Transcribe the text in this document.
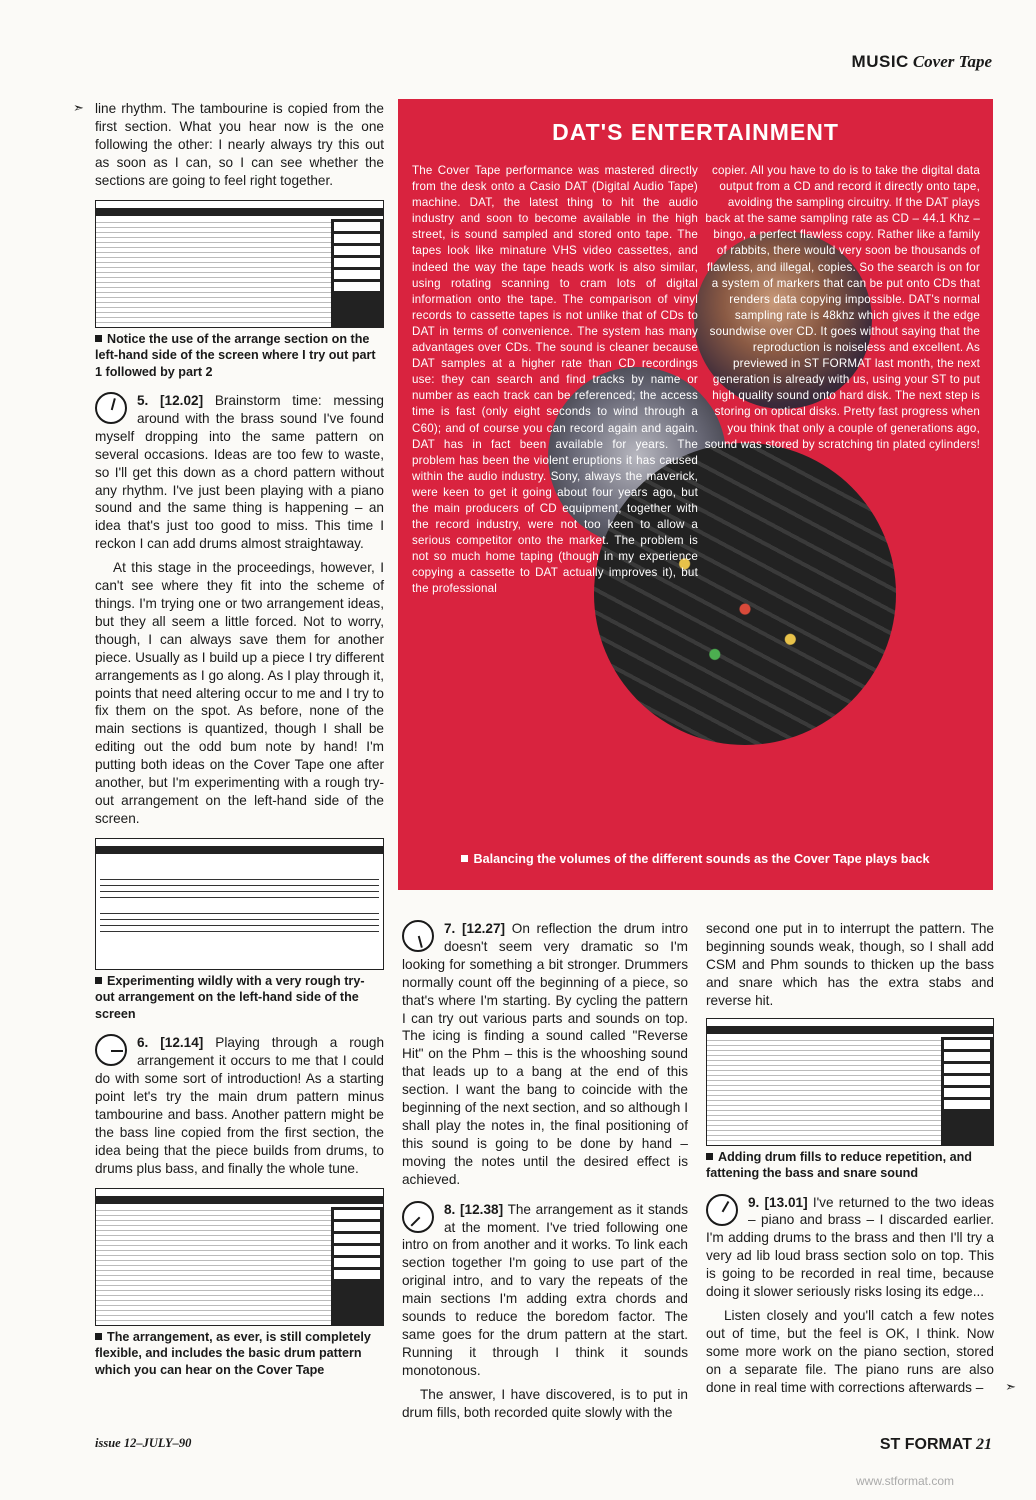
MUSIC Cover Tape

➣ line rhythm. The tambourine is copied from the first section. What you hear now is the one following the other: I nearly always try this out as soon as I can, so I can see whether the sections are going to feel right together.

Notice the use of the arrange section on the left-hand side of the screen where I try out part 1 followed by part 2

5. [12.02] Brainstorm time: messing around with the brass sound I've found myself dropping into the same pattern on several occasions. Ideas are too few to waste, so I'll get this down as a chord pattern without any rhythm. I've just been playing with a piano sound and the same thing is happening – an idea that's just too good to miss. This time I reckon I can add drums almost straightaway.

At this stage in the proceedings, however, I can't see where they fit into the scheme of things. I'm trying one or two arrangement ideas, but they all seem a little forced. Not to worry, though, I can always save them for another piece. Usually as I build up a piece I try different arrangements as I go along. As I play through it, points that need altering occur to me and I try to fix them on the spot. As before, none of the main sections is quantized, though I shall be editing out the odd bum note by hand! I'm putting both ideas on the Cover Tape one after another, but I'm experimenting with a rough try-out arrangement on the left-hand side of the screen.

Experimenting wildly with a very rough try-out arrangement on the left-hand side of the screen

6. [12.14] Playing through a rough arrangement it occurs to me that I could do with some sort of introduction! As a starting point let's try the main drum pattern minus tambourine and bass. Another pattern might be the bass line copied from the first section, the idea being that the piece builds from drums, to drums plus bass, and finally the whole tune.

The arrangement, as ever, is still completely flexible, and includes the basic drum pattern which you can hear on the Cover Tape
DAT'S ENTERTAINMENT

The Cover Tape performance was mastered directly from the desk onto a Casio DAT (Digital Audio Tape) machine. DAT, the latest thing to hit the audio industry and soon to become available in the high street, is sound sampled and stored onto tape. The tapes look like minature VHS video cassettes, and indeed the way the tape heads work is also similar, using rotating scanning to cram lots of digital information onto the tape. The comparison of vinyl records to cassette tapes is not unlike that of CDs to DAT in terms of convenience. The system has many advantages over CDs. The sound is cleaner because DAT samples at a higher rate than CD recordings use: they can search and find tracks by name or number as each track can be referenced; the access time is fast (only eight seconds to wind through a C60); and of course you can record again and again. DAT has in fact been available for years. The problem has been the violent eruptions it has caused within the audio industry. Sony, always the maverick, were keen to get it going about four years ago, but the main producers of CD equipment, together with the record industry, were not too keen to allow a serious competitor onto the market. The problem is not so much home taping (though in my experience copying a cassette to DAT actually improves it), but the professional

copier. All you have to do is to take the digital data output from a CD and record it directly onto tape, avoiding the sampling circuitry. If the DAT plays back at the same sampling rate as CD – 44.1 Khz – bingo, a perfect flawless copy. Rather like a family of rabbits, there would very soon be thousands of flawless, and illegal, copies. So the search is on for a system of markers that can be put onto CDs that renders data copying impossible. DAT's normal sampling rate is 48khz which gives it the edge soundwise over CD. It goes without saying that the reproduction is noiseless and excellent. As previewed in ST FORMAT last month, the next generation is already with us, using your ST to put high quality sound onto hard disk. The next step is storing on optical disks. Pretty fast progress when you think that only a couple of generations ago, sound was stored by scratching tin plated cylinders!

Balancing the volumes of the different sounds as the Cover Tape plays back

7. [12.27] On reflection the drum intro doesn't seem very dramatic so I'm looking for something a bit stronger. Drummers normally count off the beginning of a piece, so that's where I'm starting. By cycling the pattern I can try out various parts and sounds on top. The icing is finding a sound called "Reverse Hit" on the Phm – this is the whooshing sound that leads up to a bang at the end of this section. I want the bang to coincide with the beginning of the next section, and so although I shall play the notes in, the final positioning of this sound is going to be done by hand – moving the notes until the desired effect is achieved.

8. [12.38] The arrangement as it stands at the moment. I've tried following one intro on from another and it works. To link each section together I'm going to use part of the original intro, and to vary the repeats of the main sections I'm adding extra chords and sounds to reduce the boredom factor. The same goes for the drum pattern at the start. Running it through I think it sounds monotonous.

The answer, I have discovered, is to put in drum fills, both recorded quite slowly with the

second one put in to interrupt the pattern. The beginning sounds weak, though, so I shall add CSM and Phm sounds to thicken up the bass and snare which has the extra stabs and reverse hit.

Adding drum fills to reduce repetition, and fattening the bass and snare sound

9. [13.01] I've returned to the two ideas – piano and brass – I discarded earlier. I'm adding drums to the brass and then I'll try a very ad lib loud brass section solo on top. This is going to be recorded in real time, because doing it slower seriously risks losing its edge...

Listen closely and you'll catch a few notes out of time, but the feel is OK, I think. Now some more work on the piano section, stored on a separate file. The piano runs are also done in real time with corrections afterwards –	➣

issue 12–JULY–90	ST FORMAT 21
www.stformat.com
